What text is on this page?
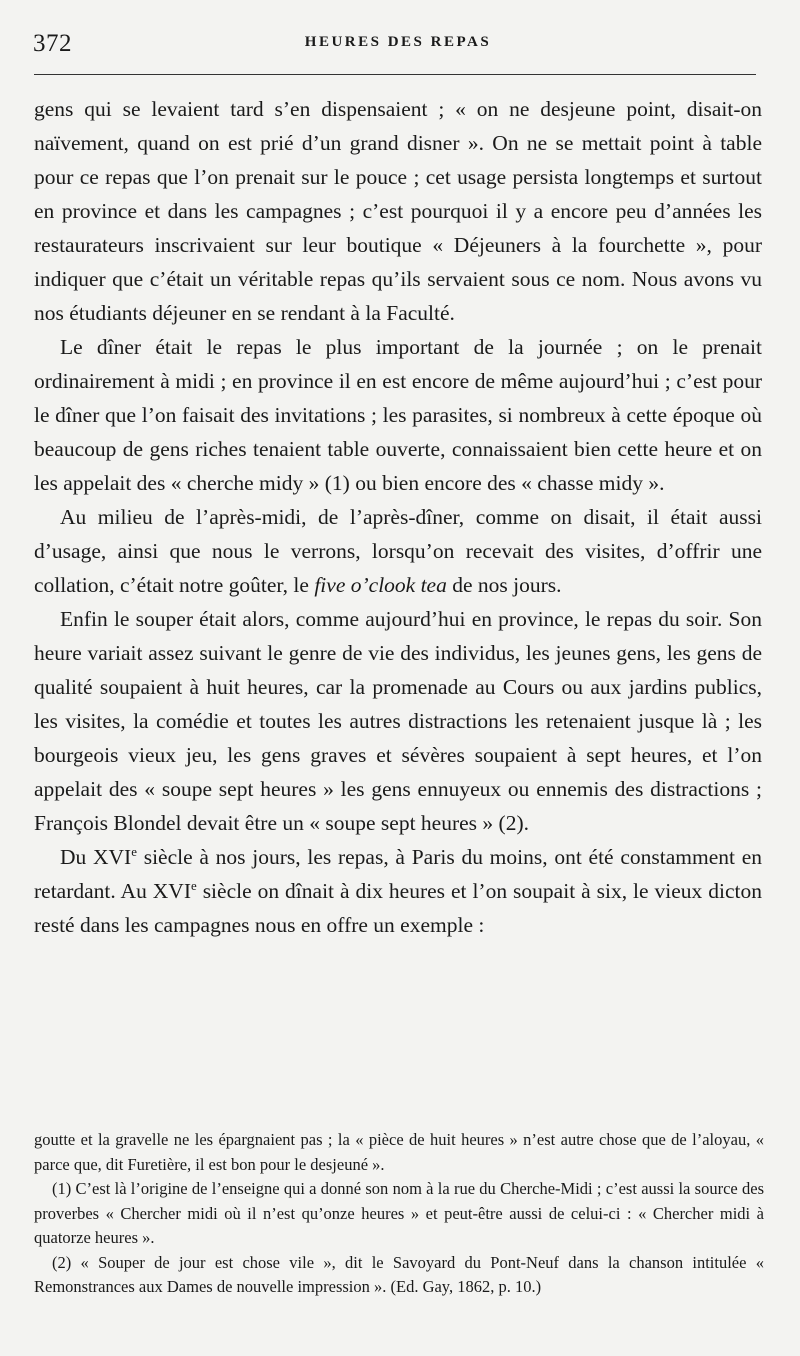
372	HEURES DES REPAS

gens qui se levaient tard s’en dispensaient ; « on ne desjeune point, disait-on naïvement, quand on est prié d’un grand disner ». On ne se mettait point à table pour ce repas que l’on prenait sur le pouce ; cet usage persista longtemps et surtout en province et dans les campagnes ; c’est pourquoi il y a encore peu d’années les restaurateurs inscrivaient sur leur boutique « Déjeuners à la fourchette », pour indiquer que c’était un véritable repas qu’ils servaient sous ce nom. Nous avons vu nos étudiants déjeuner en se rendant à la Faculté.

Le dîner était le repas le plus important de la journée ; on le prenait ordinairement à midi ; en province il en est encore de même aujourd’hui ; c’est pour le dîner que l’on faisait des invitations ; les parasites, si nombreux à cette époque où beaucoup de gens riches tenaient table ouverte, connaissaient bien cette heure et on les appelait des « cherche midy » (1) ou bien encore des « chasse midy ».

Au milieu de l’après-midi, de l’après-dîner, comme on disait, il était aussi d’usage, ainsi que nous le verrons, lorsqu’on recevait des visites, d’offrir une collation, c’était notre goûter, le five o’clook tea de nos jours.

Enfin le souper était alors, comme aujourd’hui en province, le repas du soir. Son heure variait assez suivant le genre de vie des individus, les jeunes gens, les gens de qualité soupaient à huit heures, car la promenade au Cours ou aux jardins publics, les visites, la comédie et toutes les autres distractions les retenaient jusque là ; les bourgeois vieux jeu, les gens graves et sévères soupaient à sept heures, et l’on appelait des « soupe sept heures » les gens ennuyeux ou ennemis des distractions ; François Blondel devait être un « soupe sept heures » (2).

Du XVIe siècle à nos jours, les repas, à Paris du moins, ont été constamment en retardant. Au XVIe siècle on dînait à dix heures et l’on soupait à six, le vieux dicton resté dans les campagnes nous en offre un exemple :

goutte et la gravelle ne les épargnaient pas ; la « pièce de huit heures » n’est autre chose que de l’aloyau, « parce que, dit Furetière, il est bon pour le desjeuné ».

(1) C’est là l’origine de l’enseigne qui a donné son nom à la rue du Cherche-Midi ; c’est aussi la source des proverbes « Chercher midi où il n’est qu’onze heures » et peut-être aussi de celui-ci : « Chercher midi à quatorze heures ».

(2) « Souper de jour est chose vile », dit le Savoyard du Pont-Neuf dans la chanson intitulée « Remonstrances aux Dames de nouvelle impression ». (Ed. Gay, 1862, p. 10.)
